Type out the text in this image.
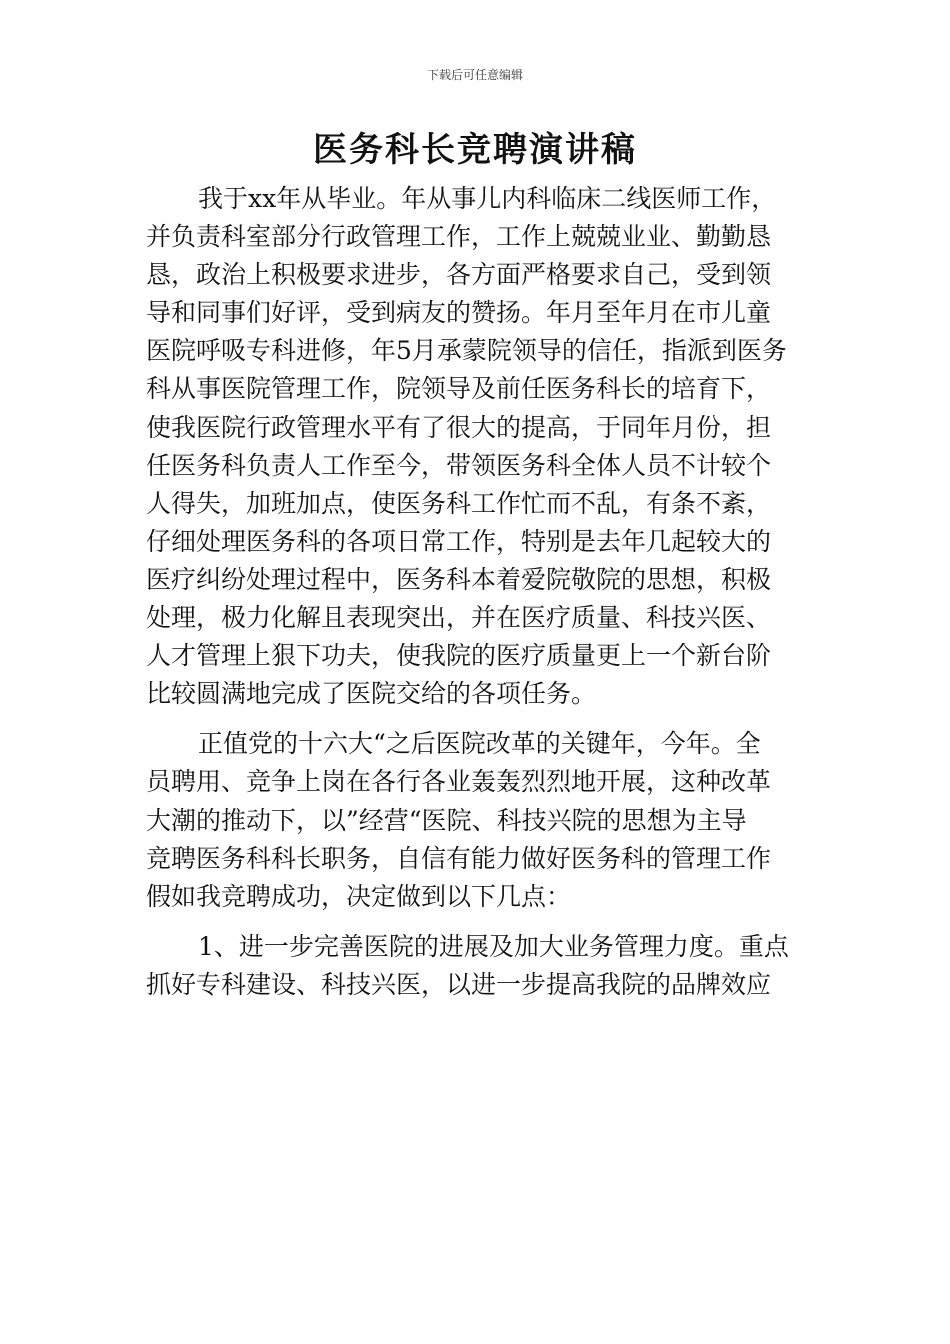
下载后可任意编辑
医务科长竞聘演讲稿
我于xx年从毕业。年从事儿内科临床二线医师工作，
并负责科室部分行政管理工作，工作上兢兢业业、勤勤恳
恳，政治上积极要求进步，各方面严格要求自己，受到领
导和同事们好评，受到病友的赞扬。年月至年月在市儿童
医院呼吸专科进修，年5月承蒙院领导的信任，指派到医务
科从事医院管理工作，院领导及前任医务科长的培育下，
使我医院行政管理水平有了很大的提高，于同年月份，担
任医务科负责人工作至今，带领医务科全体人员不计较个
人得失，加班加点，使医务科工作忙而不乱，有条不紊，
仔细处理医务科的各项日常工作，特别是去年几起较大的
医疗纠纷处理过程中，医务科本着爱院敬院的思想，积极
处理，极力化解且表现突出，并在医疗质量、科技兴医、
人才管理上狠下功夫，使我院的医疗质量更上一个新台阶
比较圆满地完成了医院交给的各项任务。
正值党的十六大“之后医院改革的关键年，今年。全
员聘用、竞争上岗在各行各业轰轰烈烈地开展，这种改革
大潮的推动下，以”经营“医院、科技兴院的思想为主导
竞聘医务科科长职务，自信有能力做好医务科的管理工作
假如我竞聘成功，决定做到以下几点：
1、进一步完善医院的进展及加大业务管理力度。重点
抓好专科建设、科技兴医，以进一步提高我院的品牌效应
